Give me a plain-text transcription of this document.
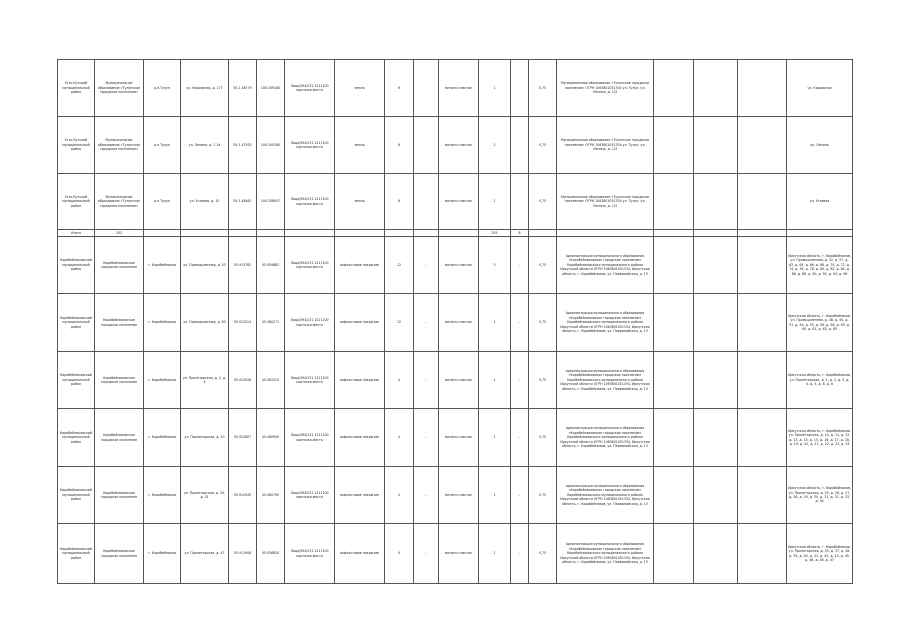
Усть-Кутский муниципальный район	Муниципальное образование «Тулунское городское поселение»	р.п.Тулун	ул. Карьерная, д. 177	55.1.48779	100.339180	Лица/394/231 1211100 карточка-место	земля	6		металл-пластик	1		0,75	Муниципальное образование «Тулунское городское поселение» ОГРН 1063801051334 ул. Тулун, ул. Ленина, д. 1/3				ул. Карьерная
Усть-Кутский муниципальный район	Муниципальное образование «Тулунское городское поселение»	р.п.Тулун	ул. Ленина, д. 1 1а	55.1.47932	100.340180	Лица/394/231 1211100 карточка-место	земля	6		металл-пластик	2		0,75	Муниципальное образование «Тулунское городское поселение» ОГРН 1063801051334 ул. Тулун, ул. Ленина, д. 1/3				ул. Ленина
Усть-Кутский муниципальный район	Муниципальное образование «Тулунское городское поселение»	р.п.Тулун	ул. Угловая, д. 15	55.1.48461	100.338007	Лица/394/231 1211100 карточка-место	земля	6		металл-пластик	1		0,75	Муниципальное образование «Тулунское городское поселение» ОГРН 1063801051334 ул. Тулун, ул. Ленина, д. 1/3				ул. Угловая
Итого	252										255	8						
Коробейниковский муниципальный район	Коробейниковское городское поселение	г. Коробейников	ул. Промышленная, д. 53	55.913782	45.059882	Лица/394/231 1211100 карточка-место	асфальтовое покрытие	12	–	металл-пластик	3	–	0,75	Администрация муниципального образования «Коробейниковское городское поселение» Коробейниковского муниципального района Иркутской области ОГРН 1063801051334, Иркутская область, г. Коробейников, ул. Первомайская, д. 13				Иркутская область, г. Коробейников, ул. Промышленная, д. 52, д. 57, д. 62, д. 64, д. 66, д. 68, д. 70, д. 72, д. 74, д. 76, д. 78, д. 80, д. 82, д. 84, д. 86, д. 88, д. 90, д. 92, д. 94, д. 96
Коробейниковский муниципальный район	Коробейниковское городское поселение	г. Коробейников	ул. Промышленная, д. 63	55.913214	45.060271	Лица/394/231 1211100 карточка-место	асфальтовое покрытие	12	–	металл-пластик	1	–	0,75	Администрация муниципального образования «Коробейниковское городское поселение» Коробейниковского муниципального района Иркутской области ОГРН 1063801051334, Иркутская область, г. Коробейников, ул. Первомайская, д. 13				Иркутская область, г. Коробейников, ул. Промышленная, д. 48, д. 50, д. 51, д. 54, д. 55, д. 56, д. 58, д. 59, д. 60, д. 61, д. 63, д. 65
Коробейниковский муниципальный район	Коробейниковское городское поселение	г. Коробейников	ул. Пролетарская, д. 2, д. 4	55.912546	45.061524	Лица/394/231 1211100 карточка-место	асфальтовое покрытие	4	–	металл-пластик	1	–	0,75	Администрация муниципального образования «Коробейниковское городское поселение» Коробейниковского муниципального района Иркутской области ОГРН 1063801051334, Иркутская область, г. Коробейников, ул. Первомайская, д. 13				Иркутская область, г. Коробейников, ул. Пролетарская, д. 1, д. 2, д. 3, д. 4, д. 5, д. 6, д. 8
Коробейниковский муниципальный район	Коробейниковское городское поселение	г. Коробейников	ул. Пролетарская, д. 10	55.912807	45.060950	Лица/394/231 1211100 карточка-место	асфальтовое покрытие	4	–	металл-пластик	1	–	0,75	Администрация муниципального образования «Коробейниковское городское поселение» Коробейниковского муниципального района Иркутской области ОГРН 1063801051334, Иркутская область, г. Коробейников, ул. Первомайская, д. 13				Иркутская область, г. Коробейников, ул. Пролетарская, д. 10, д. 11, д. 12, д. 13, д. 14, д. 15, д. 16, д. 17, д. 18, д. 19, д. 20, д. 21, д. 22, д. 23, д. 24
Коробейниковский муниципальный район	Коробейниковское городское поселение	г. Коробейников	ул. Пролетарская, д. 29, д. 31	55.912945	45.060790	Лица/394/231 1211100 карточка-место	асфальтовое покрытие	4	–	металл-пластик	1	–	0,75	Администрация муниципального образования «Коробейниковское городское поселение» Коробейниковского муниципального района Иркутской области ОГРН 1063801051334, Иркутская область, г. Коробейников, ул. Первомайская, д. 13				Иркутская область, г. Коробейников, ул. Пролетарская, д. 25, д. 26, д. 27, д. 28, д. 29, д. 30, д. 31, д. 32, д. 33, д. 34
Коробейниковский муниципальный район	Коробейниковское городское поселение	г. Коробейников	ул. Пролетарская, д. 47	55.911908	45.058830	Лица/394/231 1211100 карточка-место	асфальтовое покрытие	4	–	металл-пластик	1	–	0,75	Администрация муниципального образования «Коробейниковское городское поселение» Коробейниковского муниципального района Иркутской области ОГРН 1063801051334, Иркутская область, г. Коробейников, ул. Первомайская, д. 13				Иркутская область, г. Коробейников, ул. Пролетарская, д. 35, д. 37, д. 38, д. 39, д. 40, д. 41, д. 42, д. 43, д. 45, д. 46, д. 48, д. 47
